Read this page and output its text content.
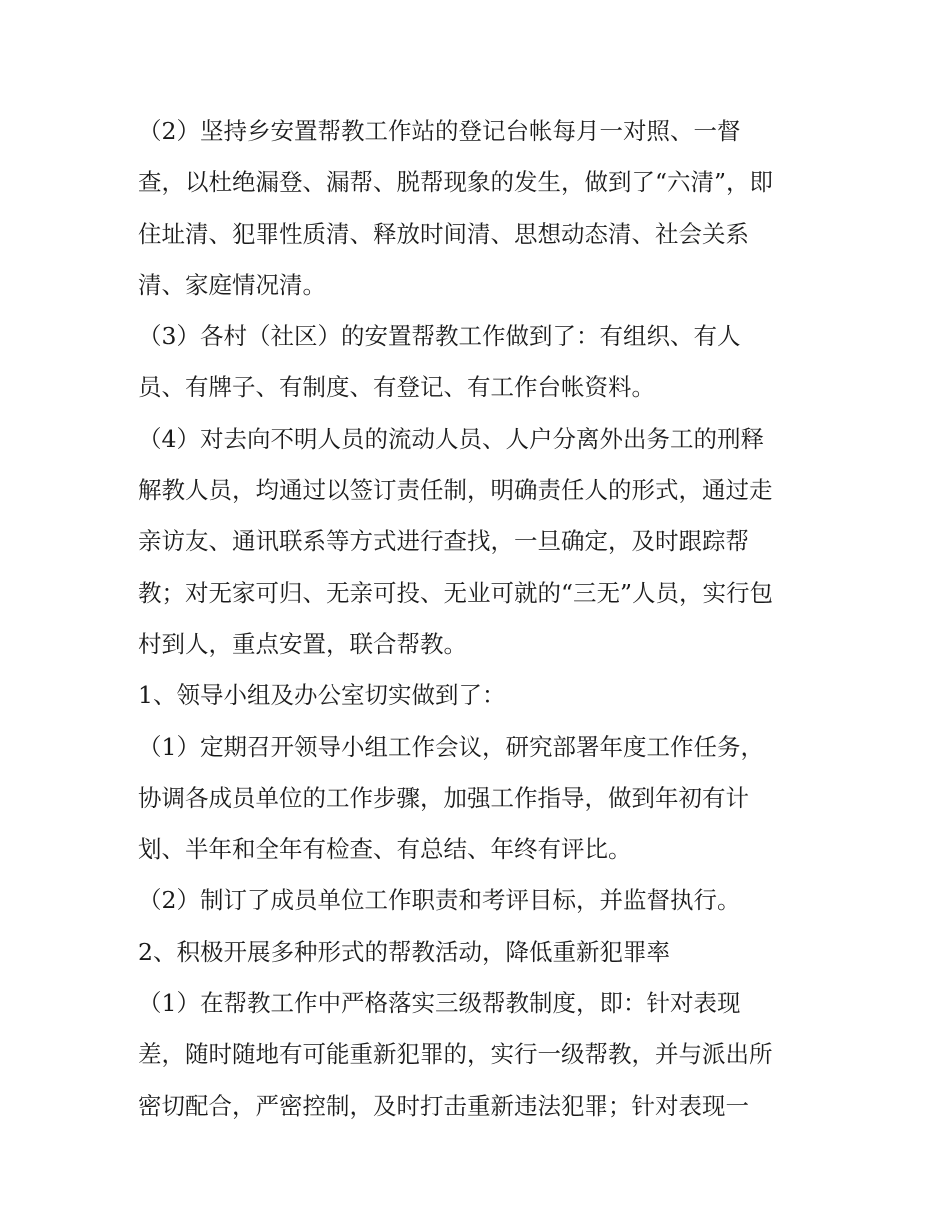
（2）坚持乡安置帮教工作站的登记台帐每月一对照、一督
查，以杜绝漏登、漏帮、脱帮现象的发生，做到了“六清”，即
住址清、犯罪性质清、释放时间清、思想动态清、社会关系
清、家庭情况清。
（3）各村（社区）的安置帮教工作做到了：有组织、有人
员、有牌子、有制度、有登记、有工作台帐资料。
（4）对去向不明人员的流动人员、人户分离外出务工的刑释
解教人员，均通过以签订责任制，明确责任人的形式，通过走
亲访友、通讯联系等方式进行查找，一旦确定，及时跟踪帮
教；对无家可归、无亲可投、无业可就的“三无”人员，实行包
村到人，重点安置，联合帮教。
1、领导小组及办公室切实做到了：
（1）定期召开领导小组工作会议，研究部署年度工作任务，
协调各成员单位的工作步骤，加强工作指导，做到年初有计
划、半年和全年有检查、有总结、年终有评比。
（2）制订了成员单位工作职责和考评目标，并监督执行。
2、积极开展多种形式的帮教活动，降低重新犯罪率
（1）在帮教工作中严格落实三级帮教制度，即：针对表现
差，随时随地有可能重新犯罪的，实行一级帮教，并与派出所
密切配合，严密控制，及时打击重新违法犯罪；针对表现一
